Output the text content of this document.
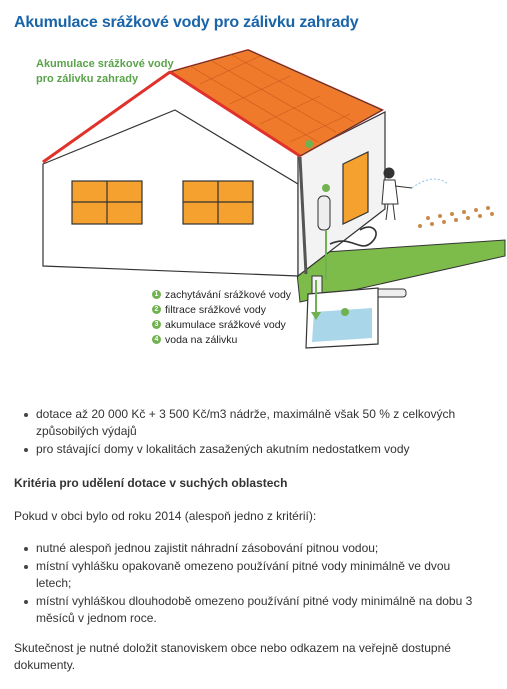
Akumulace srážkové vody pro zálivku zahrady
Akumulace srážkové vody
pro zálivku zahrady
1 zachytávání srážkové vody
2 filtrace srážkové vody
3 akumulace srážkové vody
4 voda na zálivku
dotace až 20 000 Kč + 3 500 Kč/m3 nádrže, maximálně však 50 % z celkových způsobilých výdajů
pro stávající domy v lokalitách zasažených akutním nedostatkem vody
Kritéria pro udělení dotace v suchých oblastech

Pokud v obci bylo od roku 2014 (alespoň jedno z kritérií):

nutné alespoň jednou zajistit náhradní zásobování pitnou vodou;
místní vyhlášku opakovaně omezeno používání pitné vody minimálně ve dvou letech;
místní vyhláškou dlouhodobě omezeno používání pitné vody minimálně na dobu 3 měsíců v jednom roce.

Skutečnost je nutné doložit stanoviskem obce nebo odkazem na veřejně dostupné dokumenty.
